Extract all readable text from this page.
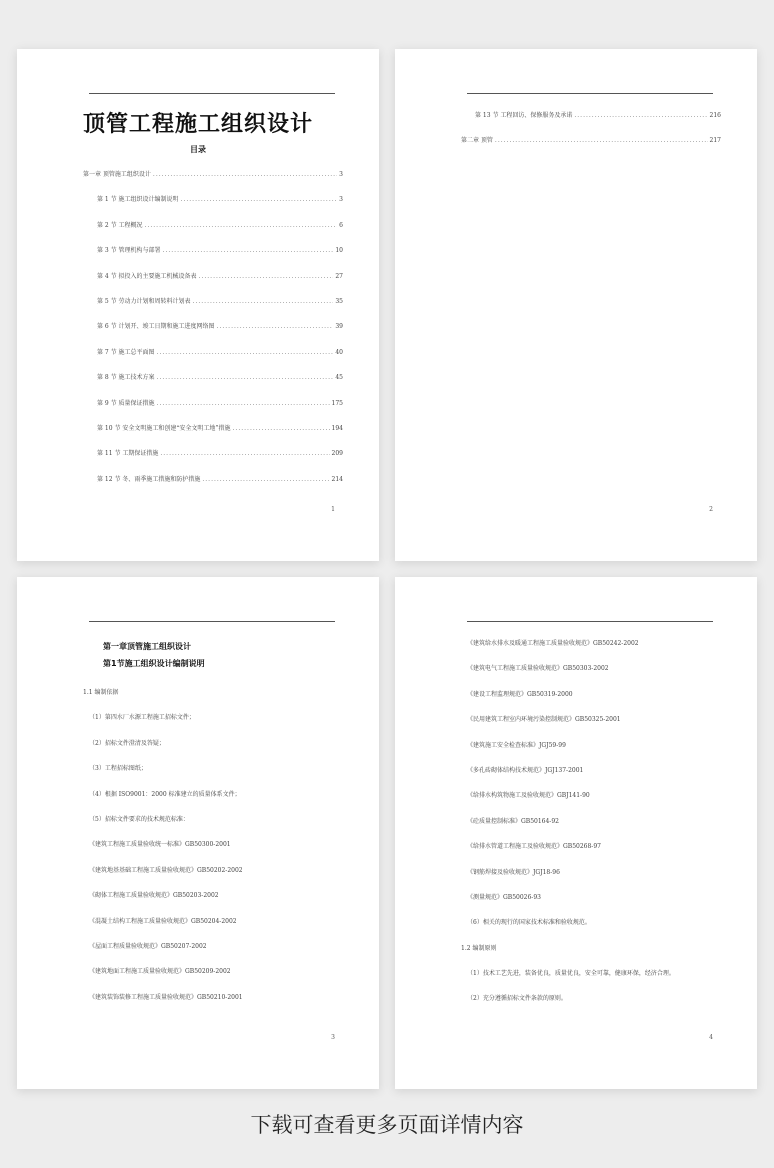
顶管工程施工组织设计
目录
第一章 顶管施工组织设计 .....	3
第 1 节 施工组织设计编制说明 .....	3
第 2 节 工程概况 .....	6
第 3 节 管理机构与部署 .....	10
第 4 节 拟投入的主要施工机械设备表 .....	27
第 5 节 劳动力计划和周转料计划表 .....	35
第 6 节 计划开、竣工日期和施工进度网络图 .....	39
第 7 节 施工总平面图 .....	40
第 8 节 施工技术方案 .....	45
第 9 节 质量保证措施 .....	175
第 10 节 安全文明施工和创建“安全文明工地”措施 .....	194
第 11 节 工期保证措施 .....	209
第 12 节 冬、雨季施工措施和防护措施 .....	214
1
第 13 节 工程回访、保修服务及承诺 .....	216
第二章 顶管 .....	217
2
第一章顶管施工组织设计
第1节施工组织设计编制说明
1.1 编制依据
（1）第四水厂水源工程施工招标文件；
（2）招标文件澄清及答疑；
（3）工程招标图纸；
（4）根据 ISO9001：2000 标准建立的质量体系文件；
（5）招标文件要求的技术规范标准：
《建筑工程施工质量验收统一标准》GB50300-2001
《建筑地基基础工程施工质量验收规范》GB50202-2002
《砌体工程施工质量验收规范》GB50203-2002
《混凝土结构工程施工质量验收规范》GB50204-2002
《屋面工程质量验收规范》GB50207-2002
《建筑地面工程施工质量验收规范》GB50209-2002
《建筑装饰装修工程施工质量验收规范》GB50210-2001
3
《建筑给水排水及暖通工程施工质量验收规范》GB50242-2002
《建筑电气工程施工质量验收规范》GB50303-2002
《建设工程监理规范》GB50319-2000
《民用建筑工程室内环境污染控制规范》GB50325-2001
《建筑施工安全检查标准》JGJ59-99
《多孔砖砌体结构技术规范》JGJ137-2001
《给排水构筑物施工及验收规范》GBJ141-90
《砼质量控制标准》GB50164-92
《给排水管道工程施工及验收规范》GB50268-97
《钢筋焊接及验收规范》JGJ18-96
《测量规范》GB50026-93
（6）相关的现行的国家技术标准和验收规范。
1.2 编制原则
（1）技术工艺先进，装备优良，质量优良，安全可靠，健康环保，经济合理。
（2）充分遵循招标文件条款的原则。
4
下载可查看更多页面详情内容
